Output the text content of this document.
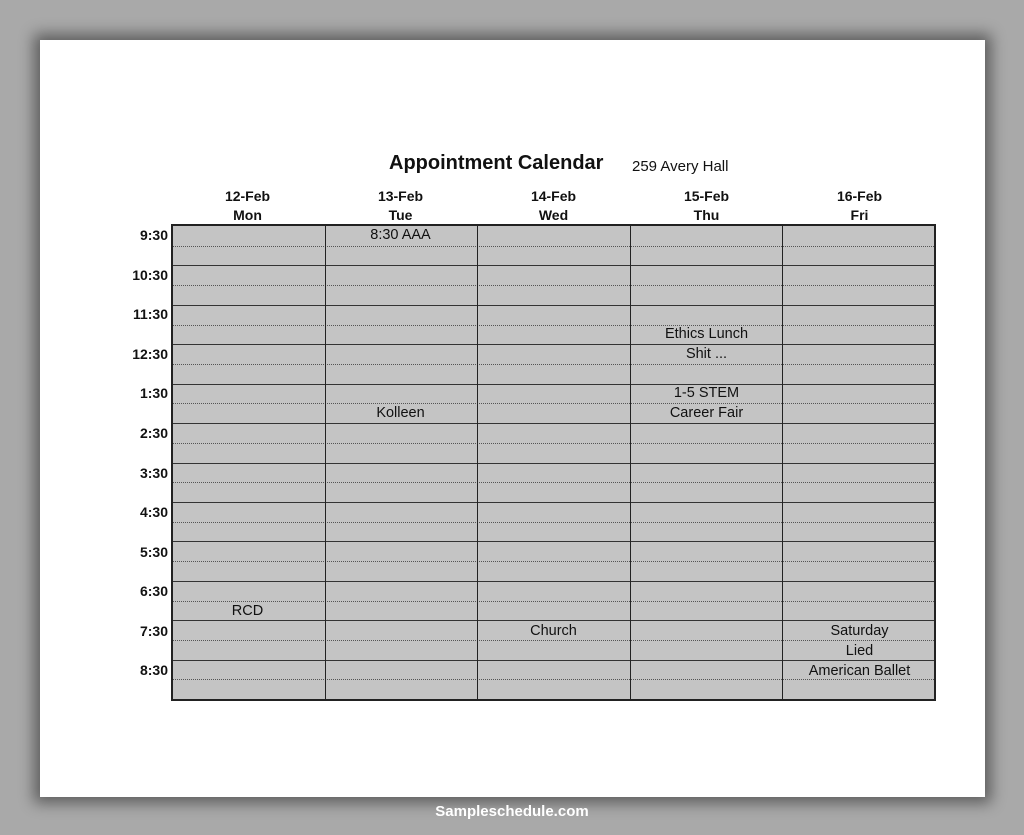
Appointment Calendar	259 Avery Hall
12-Feb
Mon
13-Feb
Tue
14-Feb
Wed
15-Feb
Thu
16-Feb
Fri
9:30
10:30
11:30
12:30
1:30
2:30
3:30
4:30
5:30
6:30
7:30
8:30
8:30 AAA
Kolleen
Ethics Lunch
Shit ...
1-5 STEM
Career Fair
RCD
Church	Saturday
Lied
American Ballet
Sampleschedule.com
